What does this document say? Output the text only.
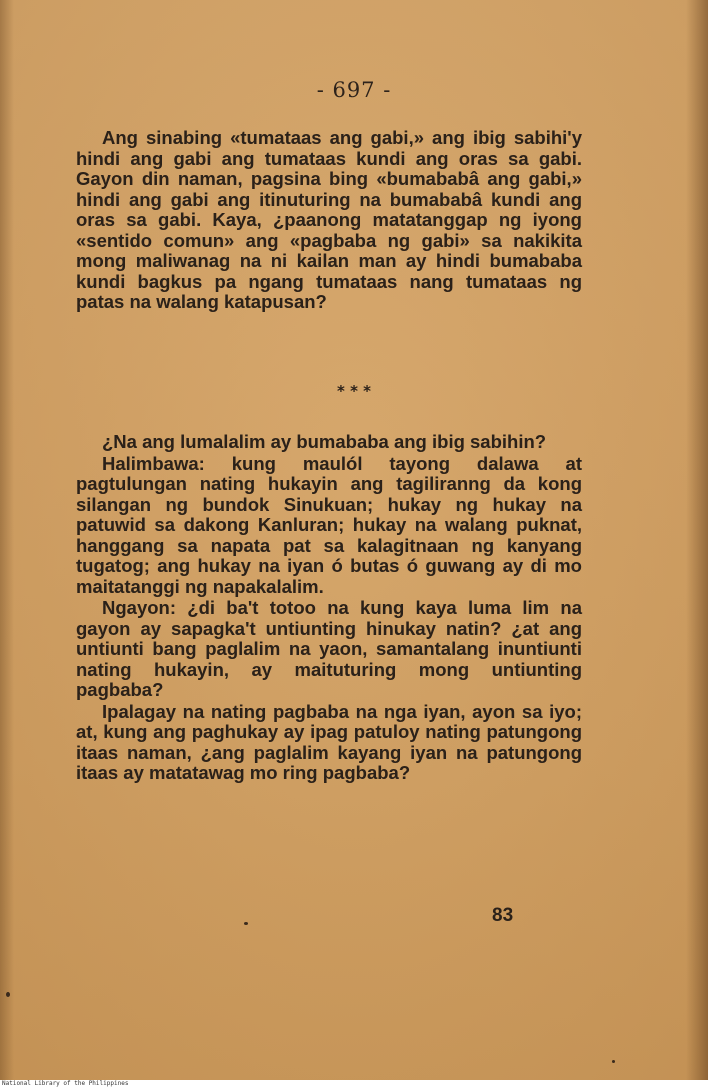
- 697 -

Ang sinabing «tumataas ang gabi,» ang ibig sabihi'y hindi ang gabi ang tumataas kundi ang oras sa gabi. Gayon din naman, pagsina bing «bumababâ ang gabi,» hindi ang gabi ang itinuturing na bumababâ kundi ang oras sa gabi. Kaya, ¿paanong matatanggap ng iyong «sentido comun» ang «pagbaba ng gabi» sa nakikita mong maliwanag na ni kailan man ay hindi bumababa kundi bagkus pa ngang tumataas nang tumataas ng patas na walang katapusan?

* * *

¿Na ang lumalalim ay bumababa ang ibig sabihin?

Halimbawa: kung maulól tayong dalawa at pagtulungan nating hukayin ang tagiliranng da kong silangan ng bundok Sinukuan; hukay ng hukay na patuwid sa dakong Kanluran; hukay na walang puknat, hanggang sa napata pat sa kalagitnaan ng kanyang tugatog; ang hukay na iyan ó butas ó guwang ay di mo maitatanggi ng napakalalim.

Ngayon: ¿di ba't totoo na kung kaya luma lim na gayon ay sapagka't untiunting hinukay natin? ¿at ang untiunti bang paglalim na yaon, samantalang inuntiunti nating hukayin, ay maituturing mong untiunting pagbaba?

Ipalagay na nating pagbaba na nga iyan, ayon sa iyo; at, kung ang paghukay ay ipag patuloy nating patungong itaas naman, ¿ang paglalim kayang iyan na patungong itaas ay matatawag mo ring pagbaba?

83
National Library of the Philippines
